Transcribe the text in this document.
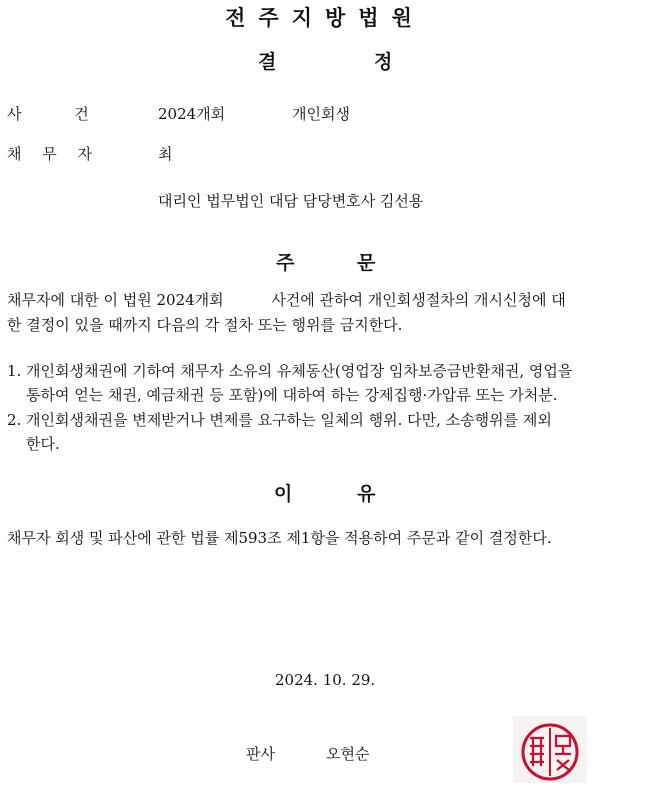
전주지방법원
결	정
사 건	2024개회	개인회생
채 무 자	최
대리인 법무법인 대담 담당변호사 김선용
주	문
채무자에 대한 이 법원 2024개회          사건에 관하여 개인회생절차의 개시신청에 대
한 결정이 있을 때까지 다음의 각 절차 또는 행위를 금지한다.
1. 개인회생채권에 기하여 채무자 소유의 유체동산(영업장 임차보증금반환채권, 영업을
통하여 얻는 채권, 예금채권 등 포함)에 대하여 하는 강제집행·가압류 또는 가처분.
2. 개인회생채권을 변제받거나 변제를 요구하는 일체의 행위. 다만, 소송행위를 제외
한다.
이	유
채무자 회생 및 파산에 관한 법률 제593조 제1항을 적용하여 주문과 같이 결정한다.
2024. 10. 29.
판사	오현순
